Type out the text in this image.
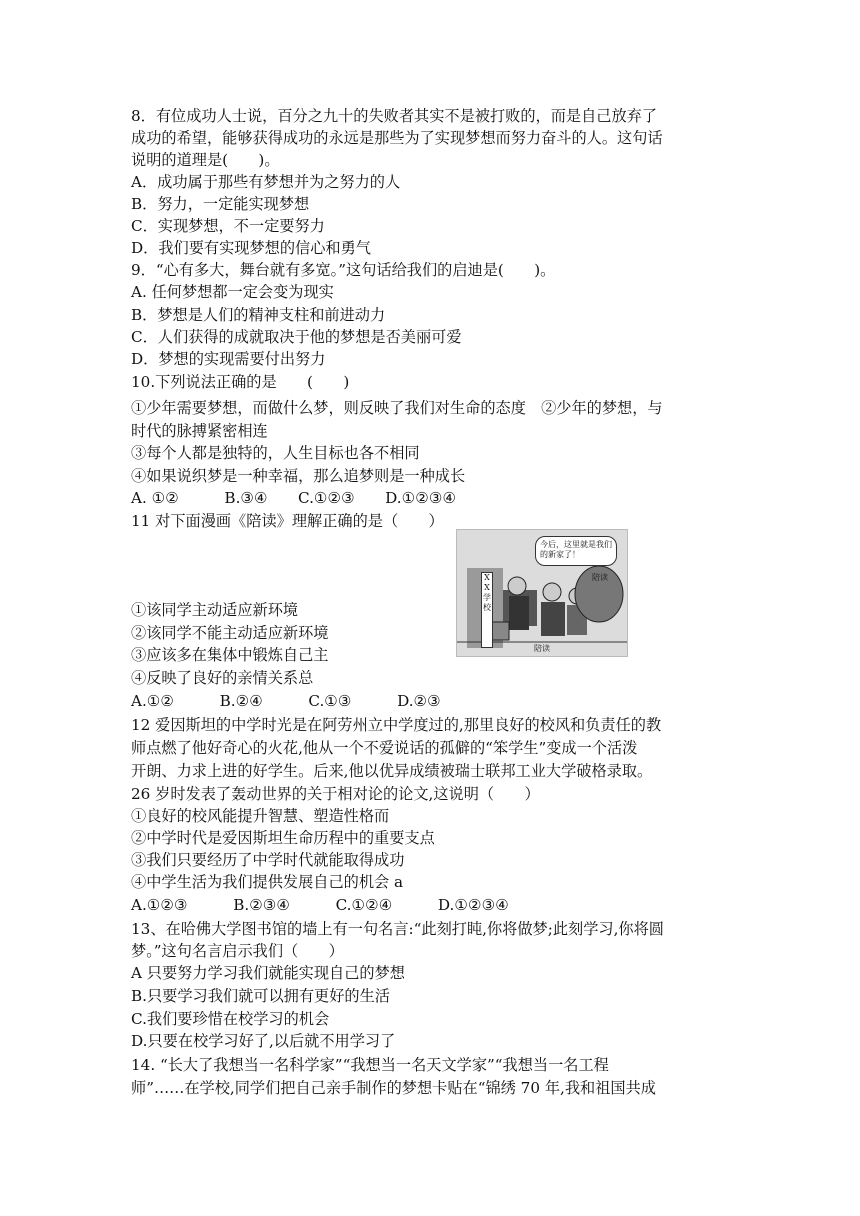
8．有位成功人士说，百分之九十的失败者其实不是被打败的，而是自己放弃了
成功的希望，能够获得成功的永远是那些为了实现梦想而努力奋斗的人。这句话
说明的道理是(　　)。
A．成功属于那些有梦想并为之努力的人
B．努力，一定能实现梦想
C．实现梦想，不一定要努力
D．我们要有实现梦想的信心和勇气
9．“心有多大，舞台就有多宽。”这句话给我们的启迪是(　　)。
A. 任何梦想都一定会变为现实
B．梦想是人们的精神支柱和前进动力
C．人们获得的成就取决于他的梦想是否美丽可爱
D．梦想的实现需要付出努力
10.下列说法正确的是　　(　　)
①少年需要梦想，而做什么梦，则反映了我们对生命的态度　②少年的梦想，与
时代的脉搏紧密相连
③每个人都是独特的，人生目标也各不相同
④如果说织梦是一种幸福，那么追梦则是一种成长
A. ①②　　　B.③④　　C.①②③　　D.①②③④
11 对下面漫画《陪读》理解正确的是（　　）
①该同学主动适应新环境
②该同学不能主动适应新环境
③应该多在集体中锻炼自己主
④反映了良好的亲情关系总
A.①②　　　B.②④　　　C.①③　　　D.②③
12 爱因斯坦的中学时光是在阿劳州立中学度过的,那里良好的校风和负责任的教
师点燃了他好奇心的火花,他从一个不爱说话的孤僻的“笨学生”变成一个活泼
开朗、力求上进的好学生。后来,他以优异成绩被瑞士联邦工业大学破格录取。
26 岁时发表了轰动世界的关于相对论的论文,这说明（　　）
①良好的校风能提升智慧、塑造性格而
②中学时代是爱因斯坦生命历程中的重要支点
③我们只要经历了中学时代就能取得成功
④中学生活为我们提供发展自己的机会 a
A.①②③　　　B.②③④　　　C.①②④　　　D.①②③④
13、在哈佛大学图书馆的墙上有一句名言:“此刻打盹,你将做梦;此刻学习,你将圆
梦。”这句名言启示我们（　　）
A 只要努力学习我们就能实现自己的梦想
B.只要学习我们就可以拥有更好的生活
C.我们要珍惜在校学习的机会
D.只要在校学习好了,以后就不用学习了
14. “长大了我想当一名科学家”“我想当一名天文学家”“我想当一名工程
师”……在学校,同学们把自己亲手制作的梦想卡贴在“锦绣 70 年,我和祖国共成
今后，这里就是我们的新家了！
XX学校
陪读
陪读
